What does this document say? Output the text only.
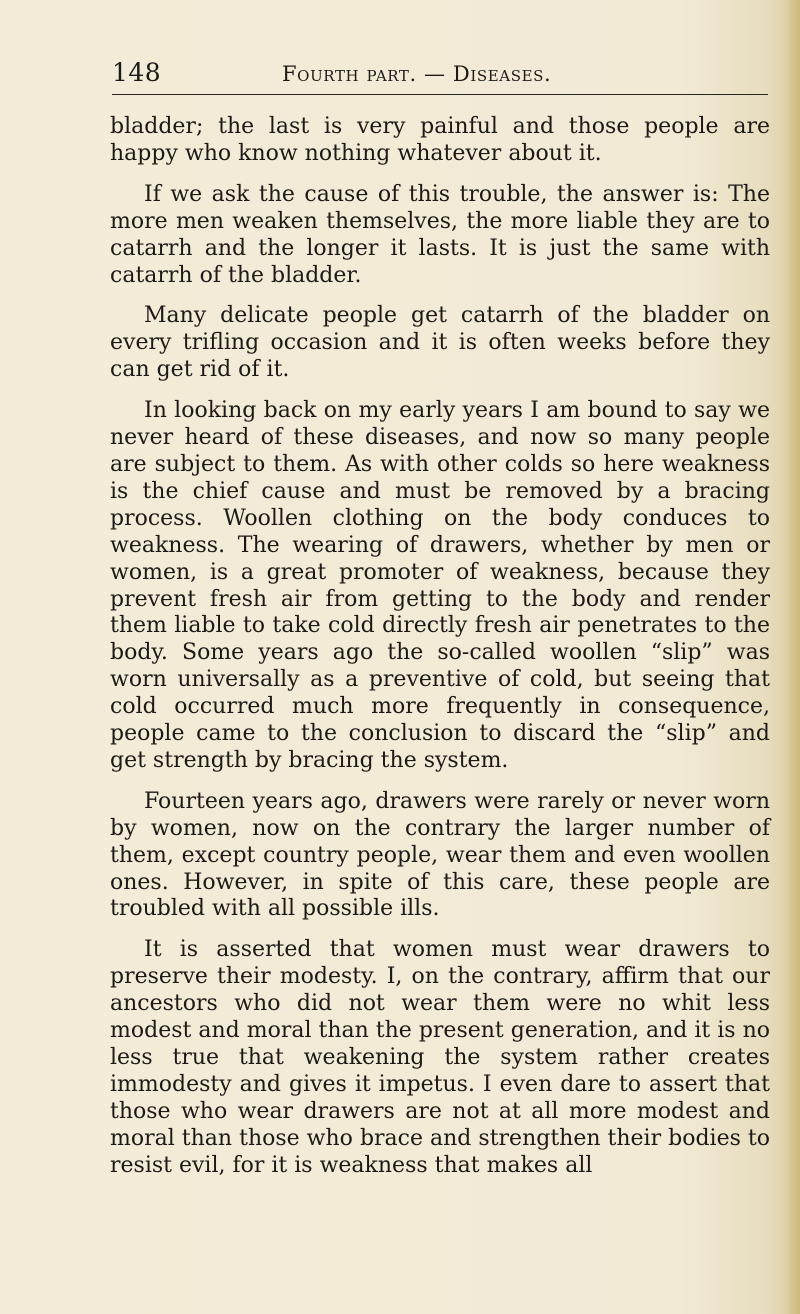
148	Fourth part. — Diseases.

bladder; the last is very painful and those people are happy who know nothing whatever about it.

If we ask the cause of this trouble, the answer is: The more men weaken themselves, the more liable they are to catarrh and the longer it lasts. It is just the same with catarrh of the bladder.

Many delicate people get catarrh of the bladder on every trifling occasion and it is often weeks before they can get rid of it.

In looking back on my early years I am bound to say we never heard of these diseases, and now so many people are subject to them. As with other colds so here weakness is the chief cause and must be removed by a bracing process. Woollen clothing on the body conduces to weakness. The wearing of drawers, whether by men or women, is a great promoter of weakness, because they prevent fresh air from getting to the body and render them liable to take cold directly fresh air penetrates to the body. Some years ago the so-called woollen “slip” was worn universally as a preventive of cold, but seeing that cold occurred much more frequently in consequence, people came to the conclusion to discard the “slip” and get strength by bracing the system.

Fourteen years ago, drawers were rarely or never worn by women, now on the contrary the larger number of them, except country people, wear them and even woollen ones. However, in spite of this care, these people are troubled with all possible ills.

It is asserted that women must wear drawers to preserve their modesty. I, on the contrary, affirm that our ancestors who did not wear them were no whit less modest and moral than the present generation, and it is no less true that weakening the system rather creates immodesty and gives it impetus. I even dare to assert that those who wear drawers are not at all more modest and moral than those who brace and strengthen their bodies to resist evil, for it is weakness that makes all
